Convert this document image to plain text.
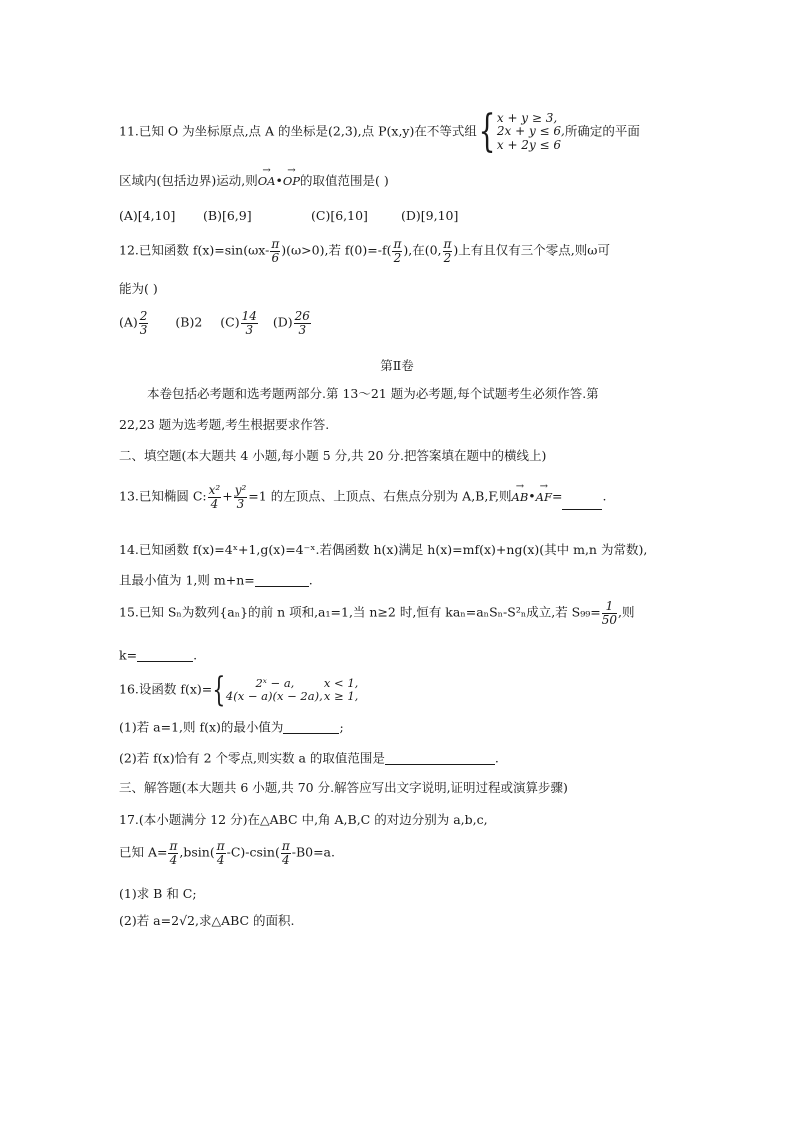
11.已知 O 为坐标原点,点 A 的坐标是(2,3),点 P(x,y)在不等式组{ x + y ≥ 3,
2x + y ≤ 6,
x + 2y ≤ 6
所确定的平面
区域内(包括边界)运动,则→ OA•→ OP的取值范围是( )
(A)[4,10] (B)[6,9]	(C)[6,10]	(D)[9,10]
12.已知函数 $f(x)=\sin(\omega x- \frac{\pi}{6} )(\omega>0)$,若 $f(0)=-f( \frac{\pi}{2}$ ),在(0, $\frac{\pi}{2}$ )上有且仅有三个零点,则ω可
能为( )
$(A) \frac{2}{3} (B)2$ $(C) \frac{14}{3} (D) \frac{26}{3}$
第Ⅱ卷
本卷包括必考题和选考题两部分.第 13～21 题为必考题,每个试题考生必须作答.第
22,23 题为选考题,考生根据要求作答.
二、填空题(本大题共 4 小题,每小题 5 分,共 20 分.把答案填在题中的横线上)
13.已知椭圆 C: $\frac{\text{x²}}{4} + \frac{\text{y²}}{3} =1$ 的左顶点、上顶点、右焦点分别为 A,B,F,则→ AB•→ AF=	.
14.已知函数 f(x)=4ˣ+1,g(x)=4⁻ˣ.若偶函数 h(x)满足 h(x)=mf(x)+ng(x)(其中 m,n 为常数),
且最小值为 1,则 m+n=	.
15.已知 Sₙ为数列{aₙ}的前 n 项和,a₁=1,当 n≥2 时,恒有 kaₙ=aₙSₙ-S²ₙ成立,若 $S_{99}= \frac{1}{50}$ ,则
k=	.
16.设函数 f(x)={	2ˣ − a,	x < 1,
4(x − a)(x − 2a),x ≥ 1,
(1)若 a=1,则 f(x)的最小值为	;
(2)若 f(x)恰有 2 个零点,则实数 a 的取值范围是	.
三、解答题(本大题共 6 小题,共 70 分.解答应写出文字说明,证明过程或演算步骤)
17.(本小题满分 12 分)在△ABC 中,角 A,B,C 的对边分别为 a,b,c,
已知 $A= \frac{\pi}{4} ,bsin( \frac{\pi}{4} -C)-csin( \frac{\pi}{4} -B0=a$.
(1)求 B 和 C;
(2)若 a=2√2,求△ABC 的面积.
